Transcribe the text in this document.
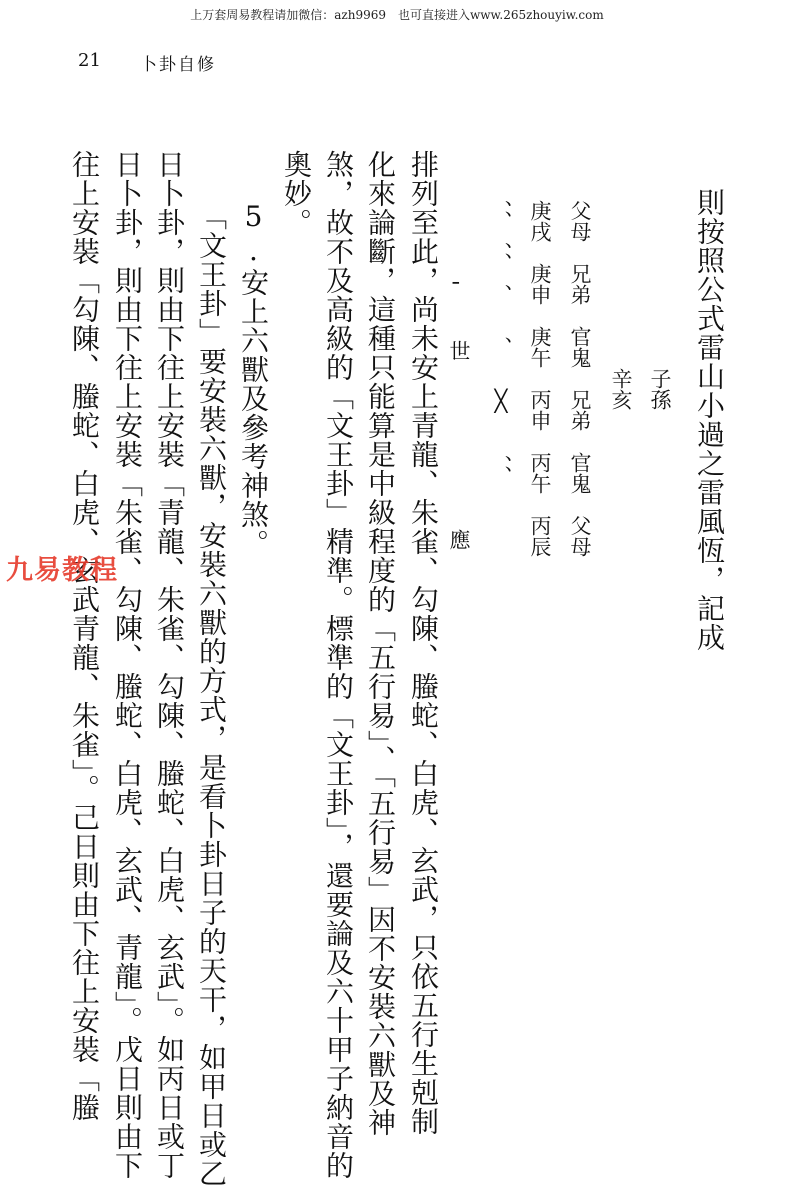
上万套周易教程请加微信：azh9969　也可直接进入www.265zhouyiw.com
21 卜卦自修
則按照公式雷山小過之雷風恆，記成
　　　　　　　　子孫
　　　　　　　　辛亥
父母　兄弟　官鬼　兄弟　官鬼　父母
庚戌　庚申　庚午　丙申　丙午　丙辰
、、　、、　、　　、　　╳　　、、
　 ╴　 世　　　　　　　　應
排列至此，尚未安上青龍、朱雀、勾陳、螣蛇、白虎、玄武，只依五行生剋制
化來論斷，這種只能算是中級程度的「五行易」、「五行易」因不安裝六獸及神
煞，故不及高級的「文王卦」精準。標準的「文王卦」，還要論及六十甲子納音的
奧妙。
5.安上六獸及參考神煞。
「文王卦」要安裝六獸，安裝六獸的方式，是看卜卦日子的天干，如甲日或乙
日卜卦，則由下往上安裝「青龍、朱雀、勾陳、螣蛇、白虎、玄武」。如丙日或丁
日卜卦，則由下往上安裝「朱雀、勾陳、螣蛇、白虎、玄武、青龍」。戊日則由下
往上安裝「勾陳、螣蛇、白虎、玄武青龍、朱雀」。己日則由下往上安裝「螣
九易教程
